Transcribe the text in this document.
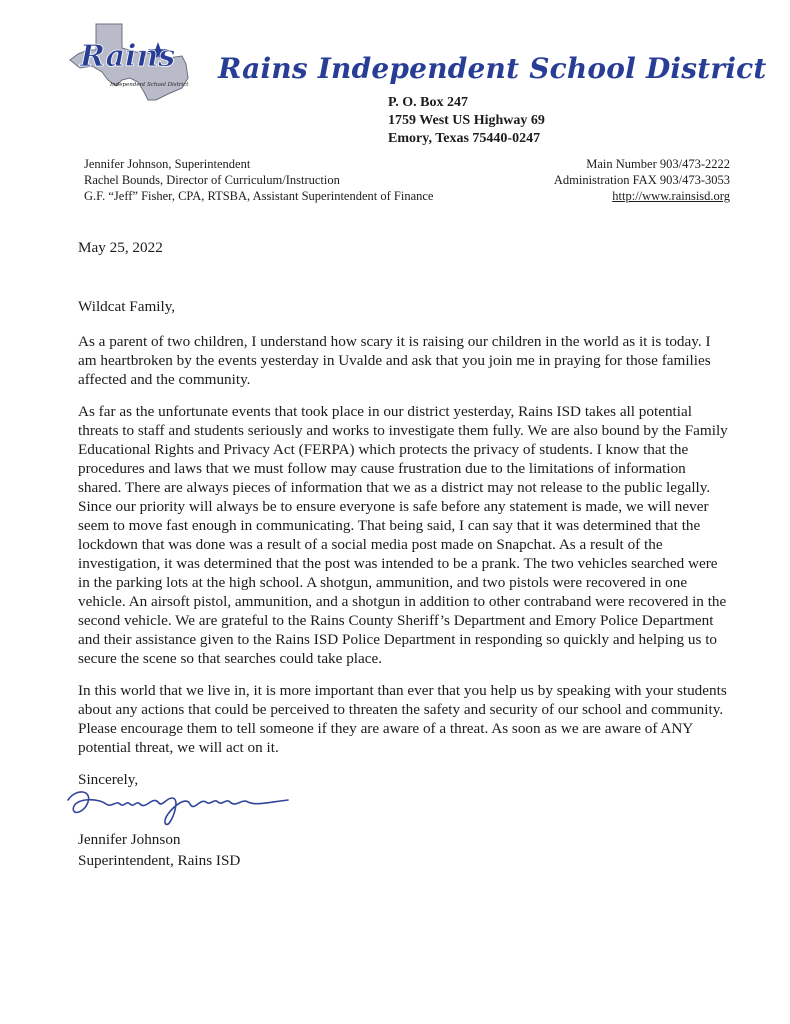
Rains
Independent School District Rains Independent School District
P. O. Box 247
1759 West US Highway 69
Emory, Texas 75440-0247
Jennifer Johnson, Superintendent
Rachel Bounds, Director of Curriculum/Instruction
G.F. “Jeff” Fisher, CPA, RTSBA, Assistant Superintendent of Finance
Main Number 903/473-2222
Administration FAX 903/473-3053
http://www.rainsisd.org

May 25, 2022

Wildcat Family,

As a parent of two children, I understand how scary it is raising our children in the world as it is today. I am heartbroken by the events yesterday in Uvalde and ask that you join me in praying for those families affected and the community.

As far as the unfortunate events that took place in our district yesterday, Rains ISD takes all potential threats to staff and students seriously and works to investigate them fully. We are also bound by the Family Educational Rights and Privacy Act (FERPA) which protects the privacy of students. I know that the procedures and laws that we must follow may cause frustration due to the limitations of information shared. There are always pieces of information that we as a district may not release to the public legally. Since our priority will always be to ensure everyone is safe before any statement is made, we will never seem to move fast enough in communicating. That being said, I can say that it was determined that the lockdown that was done was a result of a social media post made on Snapchat. As a result of the investigation, it was determined that the post was intended to be a prank. The two vehicles searched were in the parking lots at the high school. A shotgun, ammunition, and two pistols were recovered in one vehicle. An airsoft pistol, ammunition, and a shotgun in addition to other contraband were recovered in the second vehicle. We are grateful to the Rains County Sheriff’s Department and Emory Police Department and their assistance given to the Rains ISD Police Department in responding so quickly and helping us to secure the scene so that searches could take place.

In this world that we live in, it is more important than ever that you help us by speaking with your students about any actions that could be perceived to threaten the safety and security of our school and community. Please encourage them to tell someone if they are aware of a threat. As soon as we are aware of ANY potential threat, we will act on it.

Sincerely,

Jennifer Johnson
Superintendent, Rains ISD
